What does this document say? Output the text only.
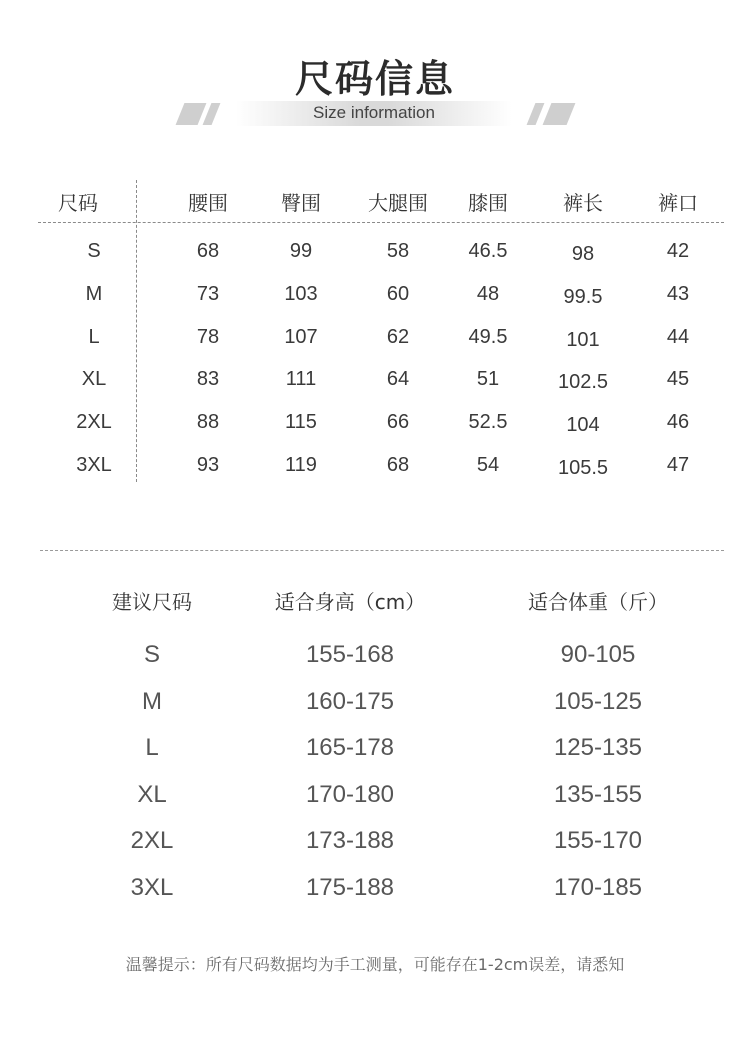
尺码信息
Size information
尺码	腰围	臀围	大腿围	膝围	裤长	裤口
S	68	99	58	46.5	98	42
M	73	103	60	48	99.5	43
L	78	107	62	49.5	101	44
XL	83	111	64	51	102.5	45
2XL	88	115	66	52.5	104	46
3XL	93	119	68	54	105.5	47
建议尺码	适合身高（cm）	适合体重（斤）
S	155-168	90-105
M	160-175	105-125
L	165-178	125-135
XL	170-180	135-155
2XL	173-188	155-170
3XL	175-188	170-185
温馨提示：所有尺码数据均为手工测量，可能存在1-2cm误差，请悉知
